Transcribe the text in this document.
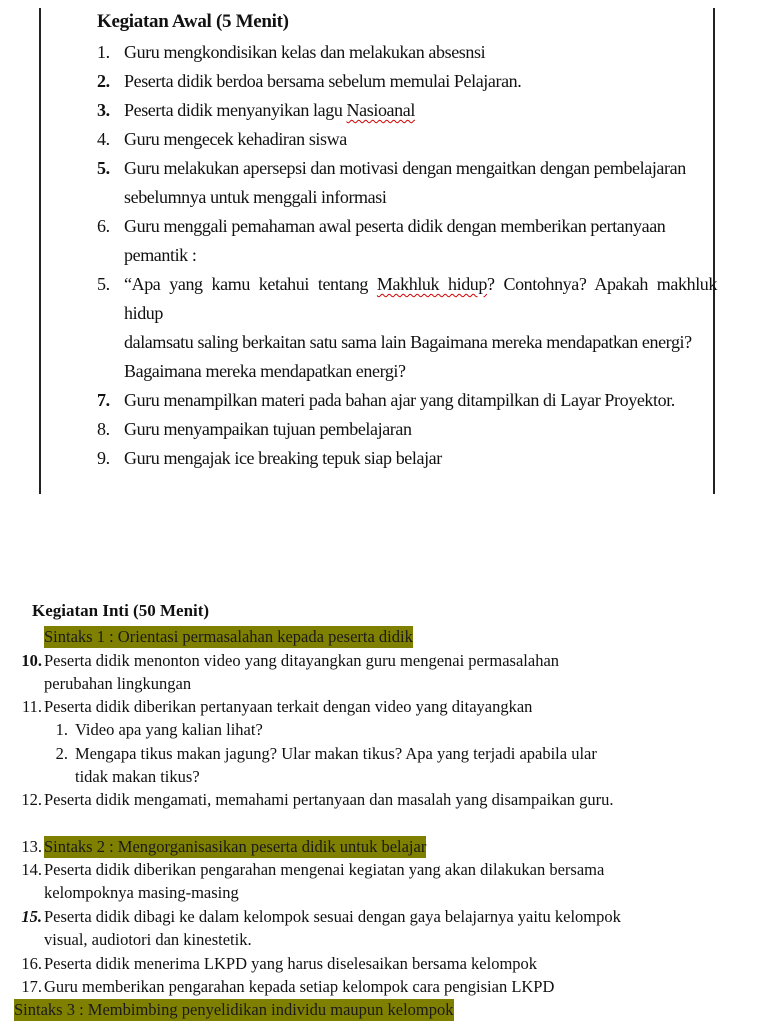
Kegiatan Awal (5 Menit)
1. Guru mengkondisikan kelas dan melakukan absesnsi
2. Peserta didik berdoa bersama sebelum memulai Pelajaran.
3. Peserta didik menyanyikan lagu Nasioanal
4. Guru mengecek kehadiran siswa
5. Guru melakukan apersepsi dan motivasi dengan mengaitkan dengan pembelajaran
sebelumnya untuk menggali informasi
6. Guru menggali pemahaman awal peserta didik dengan memberikan pertanyaan
pemantik :
5. “Apa yang kamu ketahui tentang Makhluk hidup? Contohnya? Apakah makhluk hidup
dalamsatu saling berkaitan satu sama lain Bagaimana mereka mendapatkan energi?
Bagaimana mereka mendapatkan energi?
7. Guru menampilkan materi pada bahan ajar yang ditampilkan di Layar Proyektor.
8. Guru menyampaikan tujuan pembelajaran
9. Guru mengajak ice breaking tepuk siap belajar
Kegiatan Inti (50 Menit)
Sintaks 1 : Orientasi permasalahan kepada peserta didik
10. Peserta didik menonton video yang ditayangkan guru mengenai permasalahan
perubahan lingkungan
11. Peserta didik diberikan pertanyaan terkait dengan video yang ditayangkan
1. Video apa yang kalian lihat?
2. Mengapa tikus makan jagung? Ular makan tikus? Apa yang terjadi apabila ular
tidak makan tikus?
12. Peserta didik mengamati, memahami pertanyaan dan masalah yang disampaikan guru.
13. Sintaks 2 : Mengorganisasikan peserta didik untuk belajar
14. Peserta didik diberikan pengarahan mengenai kegiatan yang akan dilakukan bersama
kelompoknya masing-masing
15. Peserta didik dibagi ke dalam kelompok sesuai dengan gaya belajarnya yaitu kelompok
visual, audiotori dan kinestetik.
16. Peserta didik menerima LKPD yang harus diselesaikan bersama kelompok
17. Guru memberikan pengarahan kepada setiap kelompok cara pengisian LKPD
Sintaks 3 : Membimbing penyelidikan individu maupun kelompok
